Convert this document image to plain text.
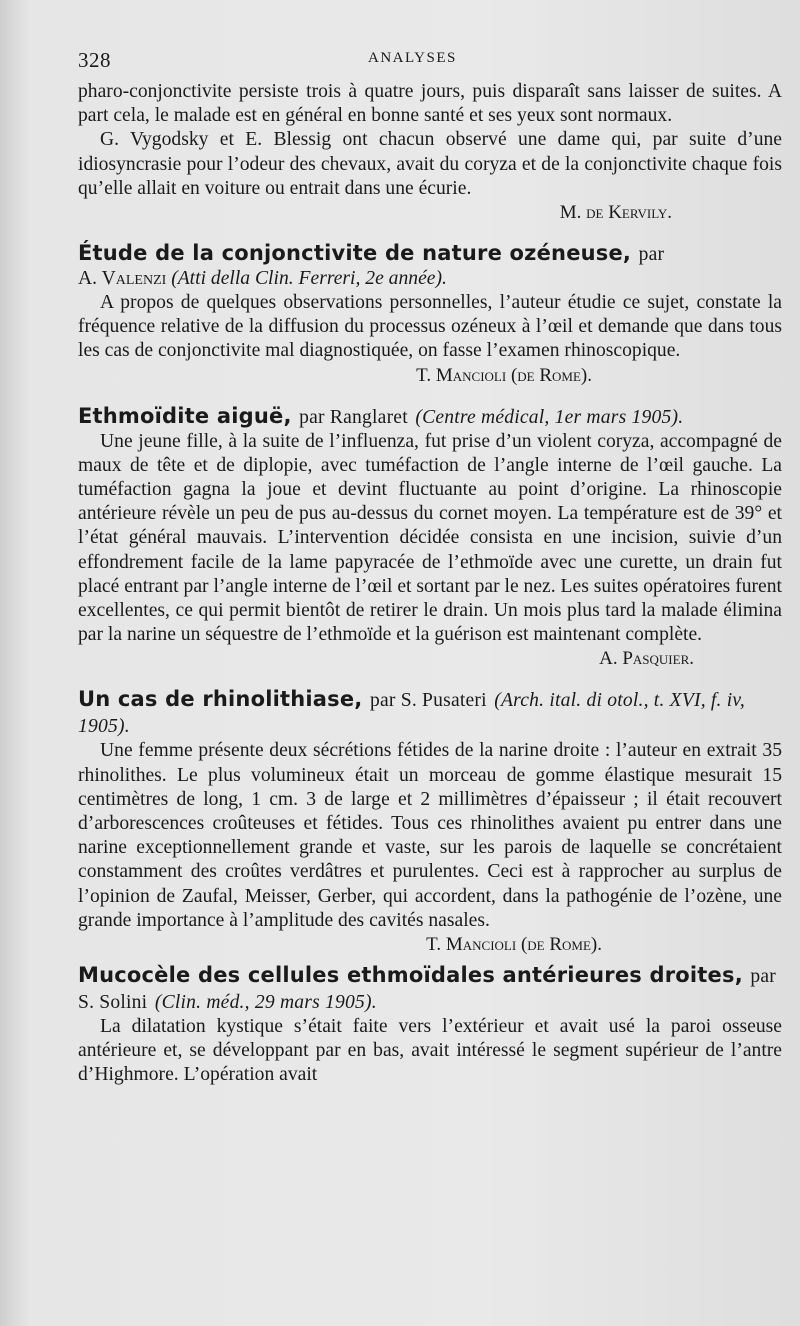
328	ANALYSES

pharo-conjonctivite persiste trois à quatre jours, puis disparaît sans laisser de suites. A part cela, le malade est en général en bonne santé et ses yeux sont normaux.

G. Vygodsky et E. Blessig ont chacun observé une dame qui, par suite d’une idiosyncrasie pour l’odeur des chevaux, avait du coryza et de la conjonctivite chaque fois qu’elle allait en voiture ou entrait dans une écurie.

M. de Kervily.

Étude de la conjonctivite de nature ozéneuse, par
A. Valenzi (Atti della Clin. Ferreri, 2e année).

A propos de quelques observations personnelles, l’auteur étudie ce sujet, constate la fréquence relative de la diffusion du processus ozéneux à l’œil et demande que dans tous les cas de conjonctivite mal diagnostiquée, on fasse l’examen rhinoscopique.

T. Mancioli (de Rome).

Ethmoïdite aiguë, par Ranglaret (Centre médical, 1er mars 1905).

Une jeune fille, à la suite de l’influenza, fut prise d’un violent coryza, accompagné de maux de tête et de diplopie, avec tuméfaction de l’angle interne de l’œil gauche. La tuméfaction gagna la joue et devint fluctuante au point d’origine. La rhinoscopie antérieure révèle un peu de pus au-dessus du cornet moyen. La température est de 39° et l’état général mauvais. L’intervention décidée consista en une incision, suivie d’un effondrement facile de la lame papyracée de l’ethmoïde avec une curette, un drain fut placé entrant par l’angle interne de l’œil et sortant par le nez. Les suites opératoires furent excellentes, ce qui permit bientôt de retirer le drain. Un mois plus tard la malade élimina par la narine un séquestre de l’ethmoïde et la guérison est maintenant complète.

A. Pasquier.

Un cas de rhinolithiase, par S. Pusateri (Arch. ital. di otol., t. XVI, f. iv, 1905).

Une femme présente deux sécrétions fétides de la narine droite : l’auteur en extrait 35 rhinolithes. Le plus volumineux était un morceau de gomme élastique mesurait 15 centimètres de long, 1 cm. 3 de large et 2 millimètres d’épaisseur ; il était recouvert d’arborescences croûteuses et fétides. Tous ces rhinolithes avaient pu entrer dans une narine exceptionnellement grande et vaste, sur les parois de laquelle se concrétaient constamment des croûtes verdâtres et purulentes. Ceci est à rapprocher au surplus de l’opinion de Zaufal, Meisser, Gerber, qui accordent, dans la pathogénie de l’ozène, une grande importance à l’amplitude des cavités nasales.

T. Mancioli (de Rome).

Mucocèle des cellules ethmoïdales antérieures droites, par S. Solini (Clin. méd., 29 mars 1905).

La dilatation kystique s’était faite vers l’extérieur et avait usé la paroi osseuse antérieure et, se développant par en bas, avait intéressé le segment supérieur de l’antre d’Highmore. L’opération avait
